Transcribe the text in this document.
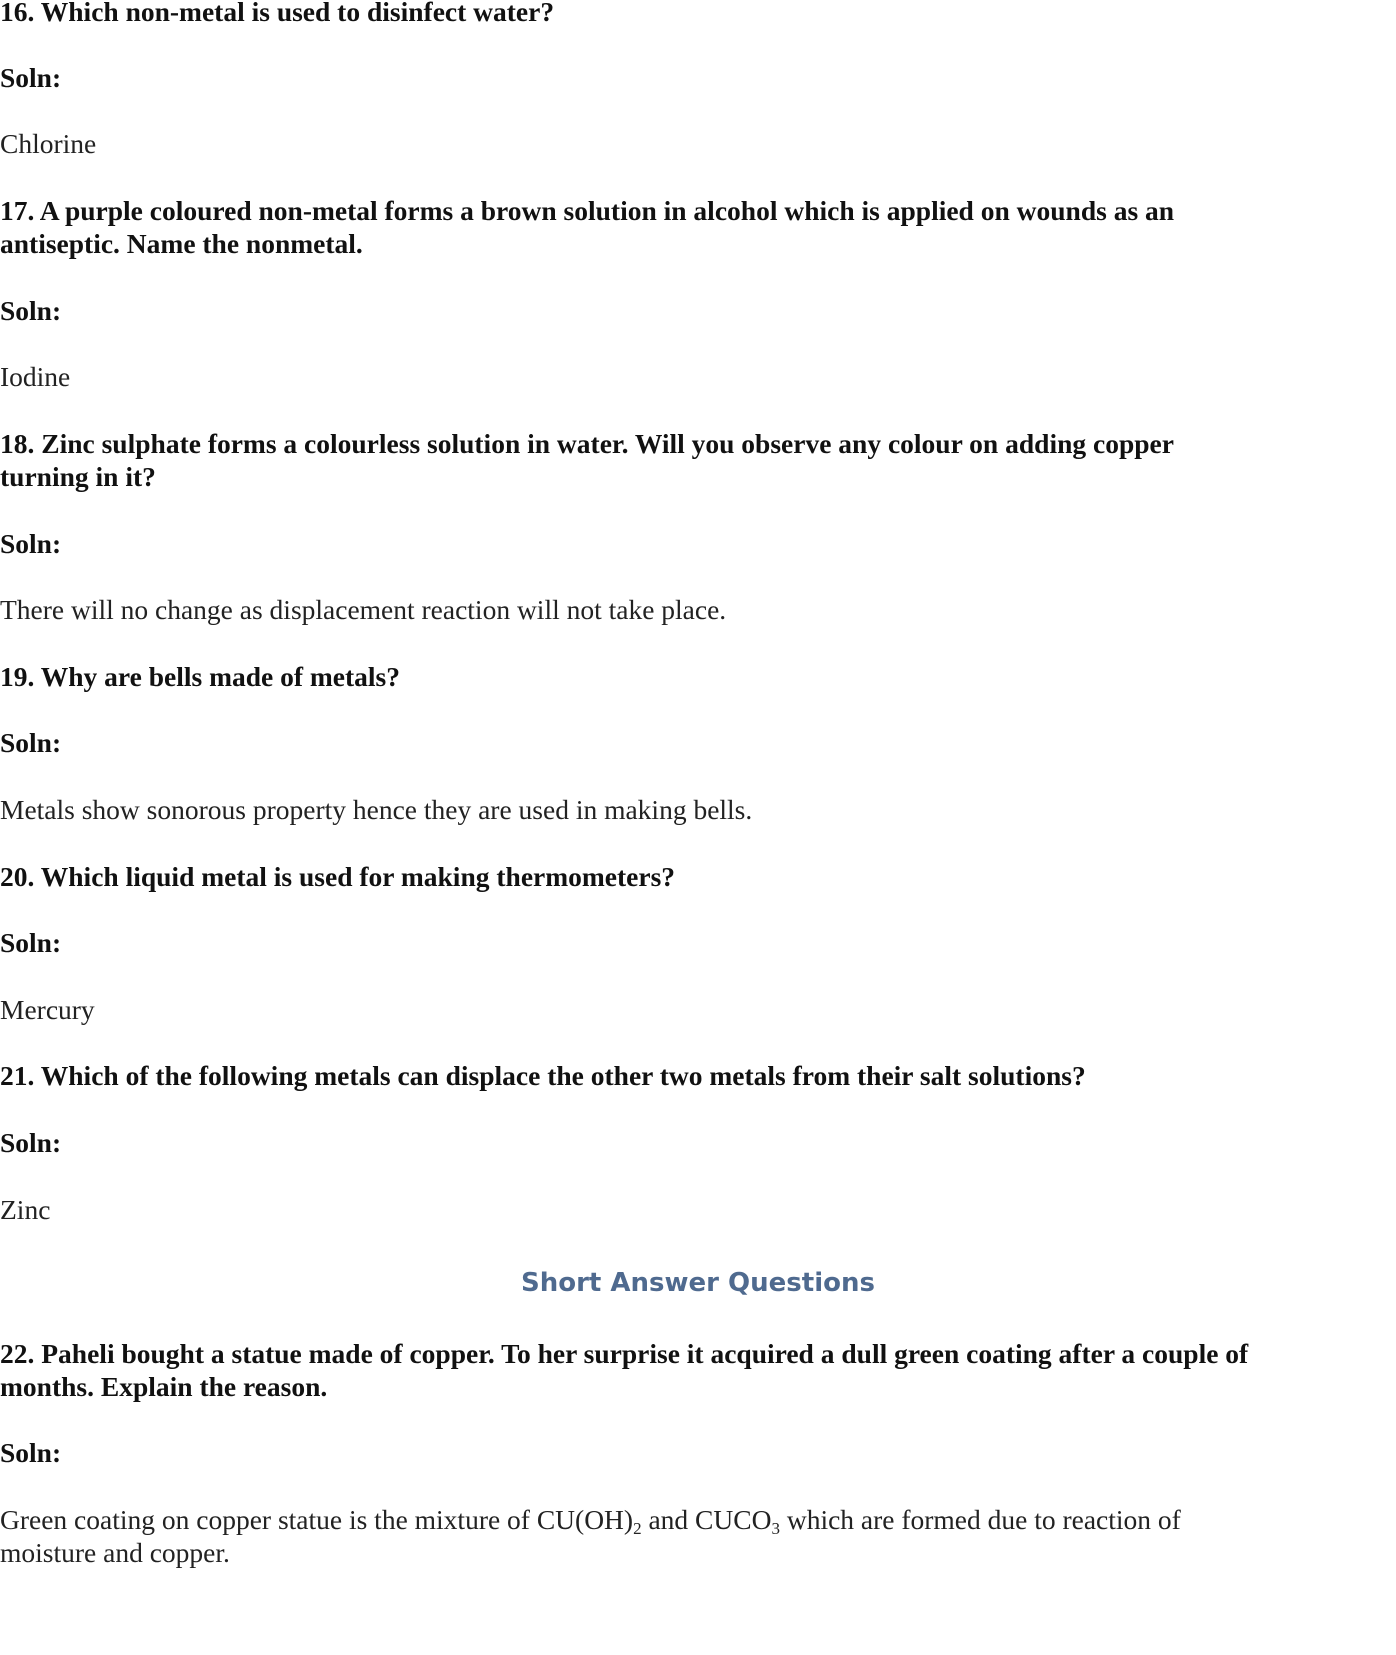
16. Which non-metal is used to disinfect water?

Soln:

Chlorine

17. A purple coloured non-metal forms a brown solution in alcohol which is applied on wounds as an

antiseptic. Name the nonmetal.

Soln:

Iodine

18. Zinc sulphate forms a colourless solution in water. Will you observe any colour on adding copper

turning in it?

Soln:

There will no change as displacement reaction will not take place.

19. Why are bells made of metals?

Soln:

Metals show sonorous property hence they are used in making bells.

20. Which liquid metal is used for making thermometers?

Soln:

Mercury

21. Which of the following metals can displace the other two metals from their salt solutions?

Soln:

Zinc

Short Answer Questions

22. Paheli bought a statue made of copper. To her surprise it acquired a dull green coating after a couple of

months. Explain the reason.

Soln:

Green coating on copper statue is the mixture of $CU(OH)_2$ and $CUCO_3$ which are formed due to reaction of

moisture and copper.
